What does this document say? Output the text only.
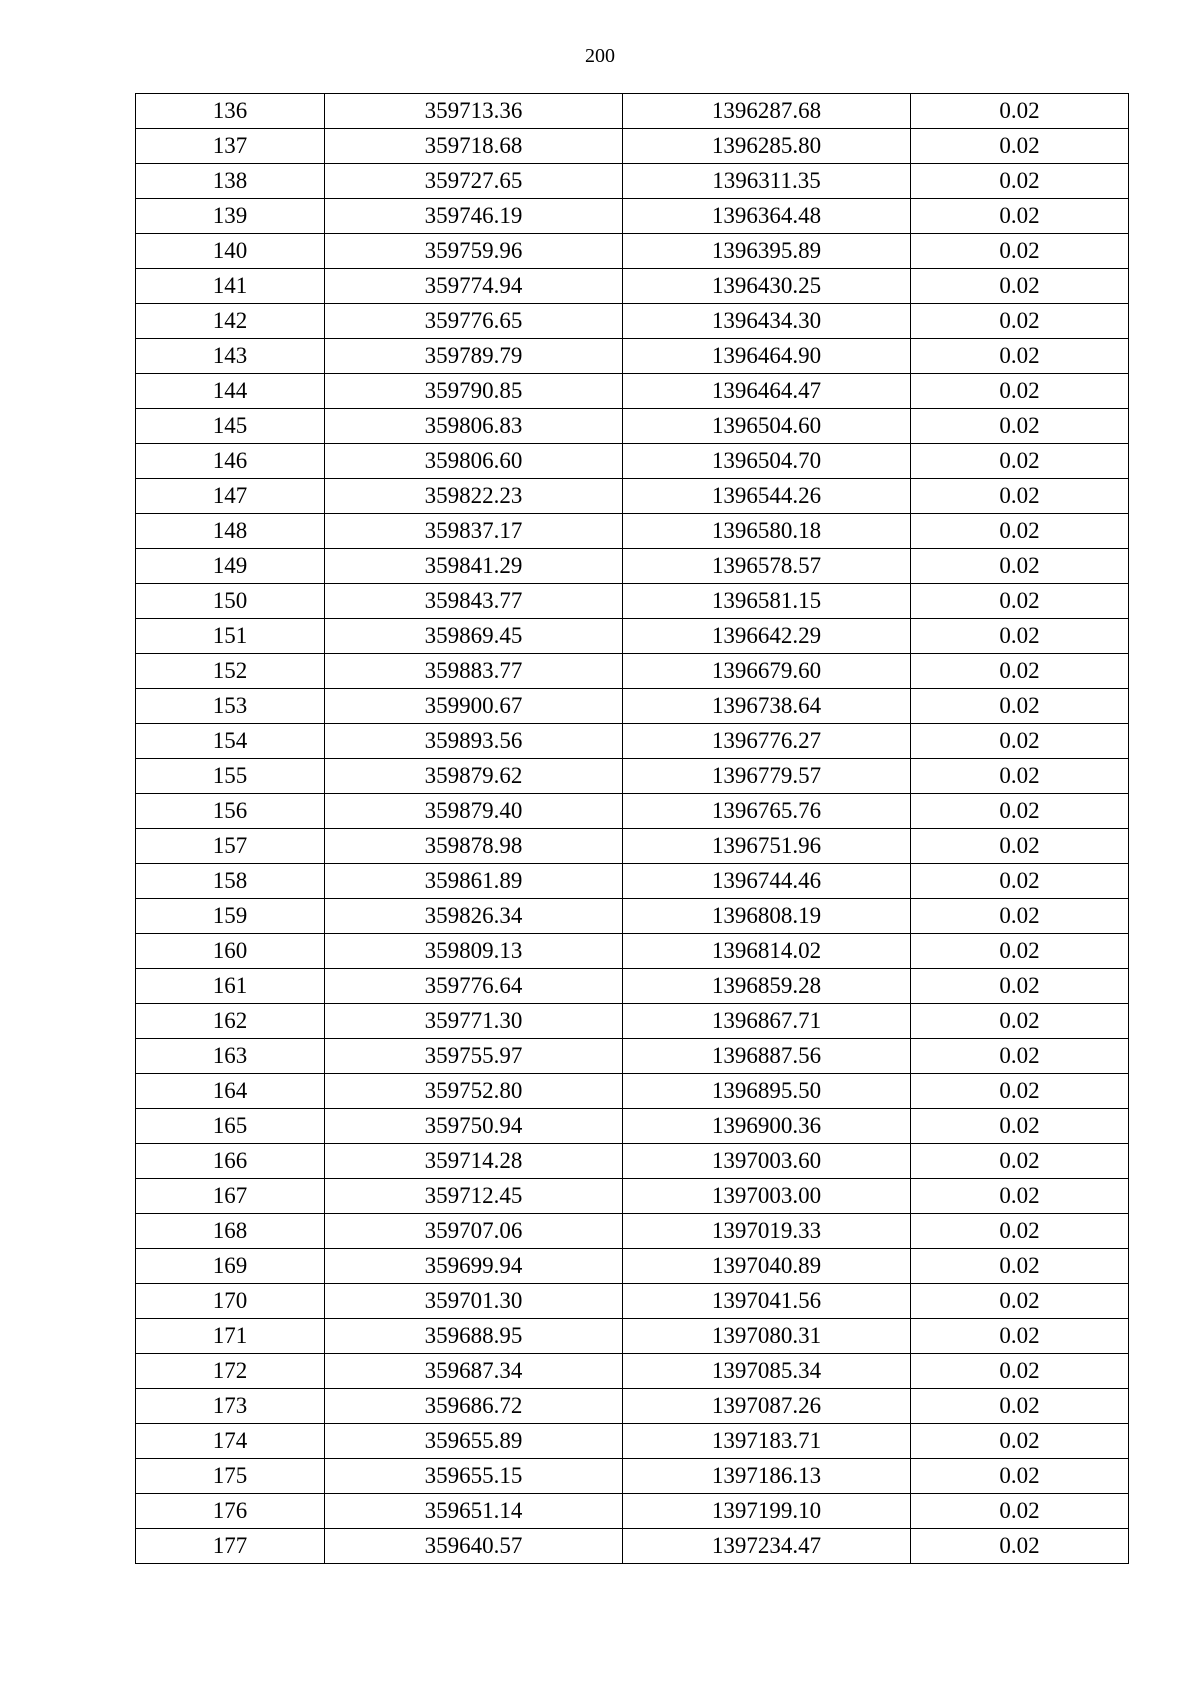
200
136	359713.36	1396287.68	0.02
137	359718.68	1396285.80	0.02
138	359727.65	1396311.35	0.02
139	359746.19	1396364.48	0.02
140	359759.96	1396395.89	0.02
141	359774.94	1396430.25	0.02
142	359776.65	1396434.30	0.02
143	359789.79	1396464.90	0.02
144	359790.85	1396464.47	0.02
145	359806.83	1396504.60	0.02
146	359806.60	1396504.70	0.02
147	359822.23	1396544.26	0.02
148	359837.17	1396580.18	0.02
149	359841.29	1396578.57	0.02
150	359843.77	1396581.15	0.02
151	359869.45	1396642.29	0.02
152	359883.77	1396679.60	0.02
153	359900.67	1396738.64	0.02
154	359893.56	1396776.27	0.02
155	359879.62	1396779.57	0.02
156	359879.40	1396765.76	0.02
157	359878.98	1396751.96	0.02
158	359861.89	1396744.46	0.02
159	359826.34	1396808.19	0.02
160	359809.13	1396814.02	0.02
161	359776.64	1396859.28	0.02
162	359771.30	1396867.71	0.02
163	359755.97	1396887.56	0.02
164	359752.80	1396895.50	0.02
165	359750.94	1396900.36	0.02
166	359714.28	1397003.60	0.02
167	359712.45	1397003.00	0.02
168	359707.06	1397019.33	0.02
169	359699.94	1397040.89	0.02
170	359701.30	1397041.56	0.02
171	359688.95	1397080.31	0.02
172	359687.34	1397085.34	0.02
173	359686.72	1397087.26	0.02
174	359655.89	1397183.71	0.02
175	359655.15	1397186.13	0.02
176	359651.14	1397199.10	0.02
177	359640.57	1397234.47	0.02
